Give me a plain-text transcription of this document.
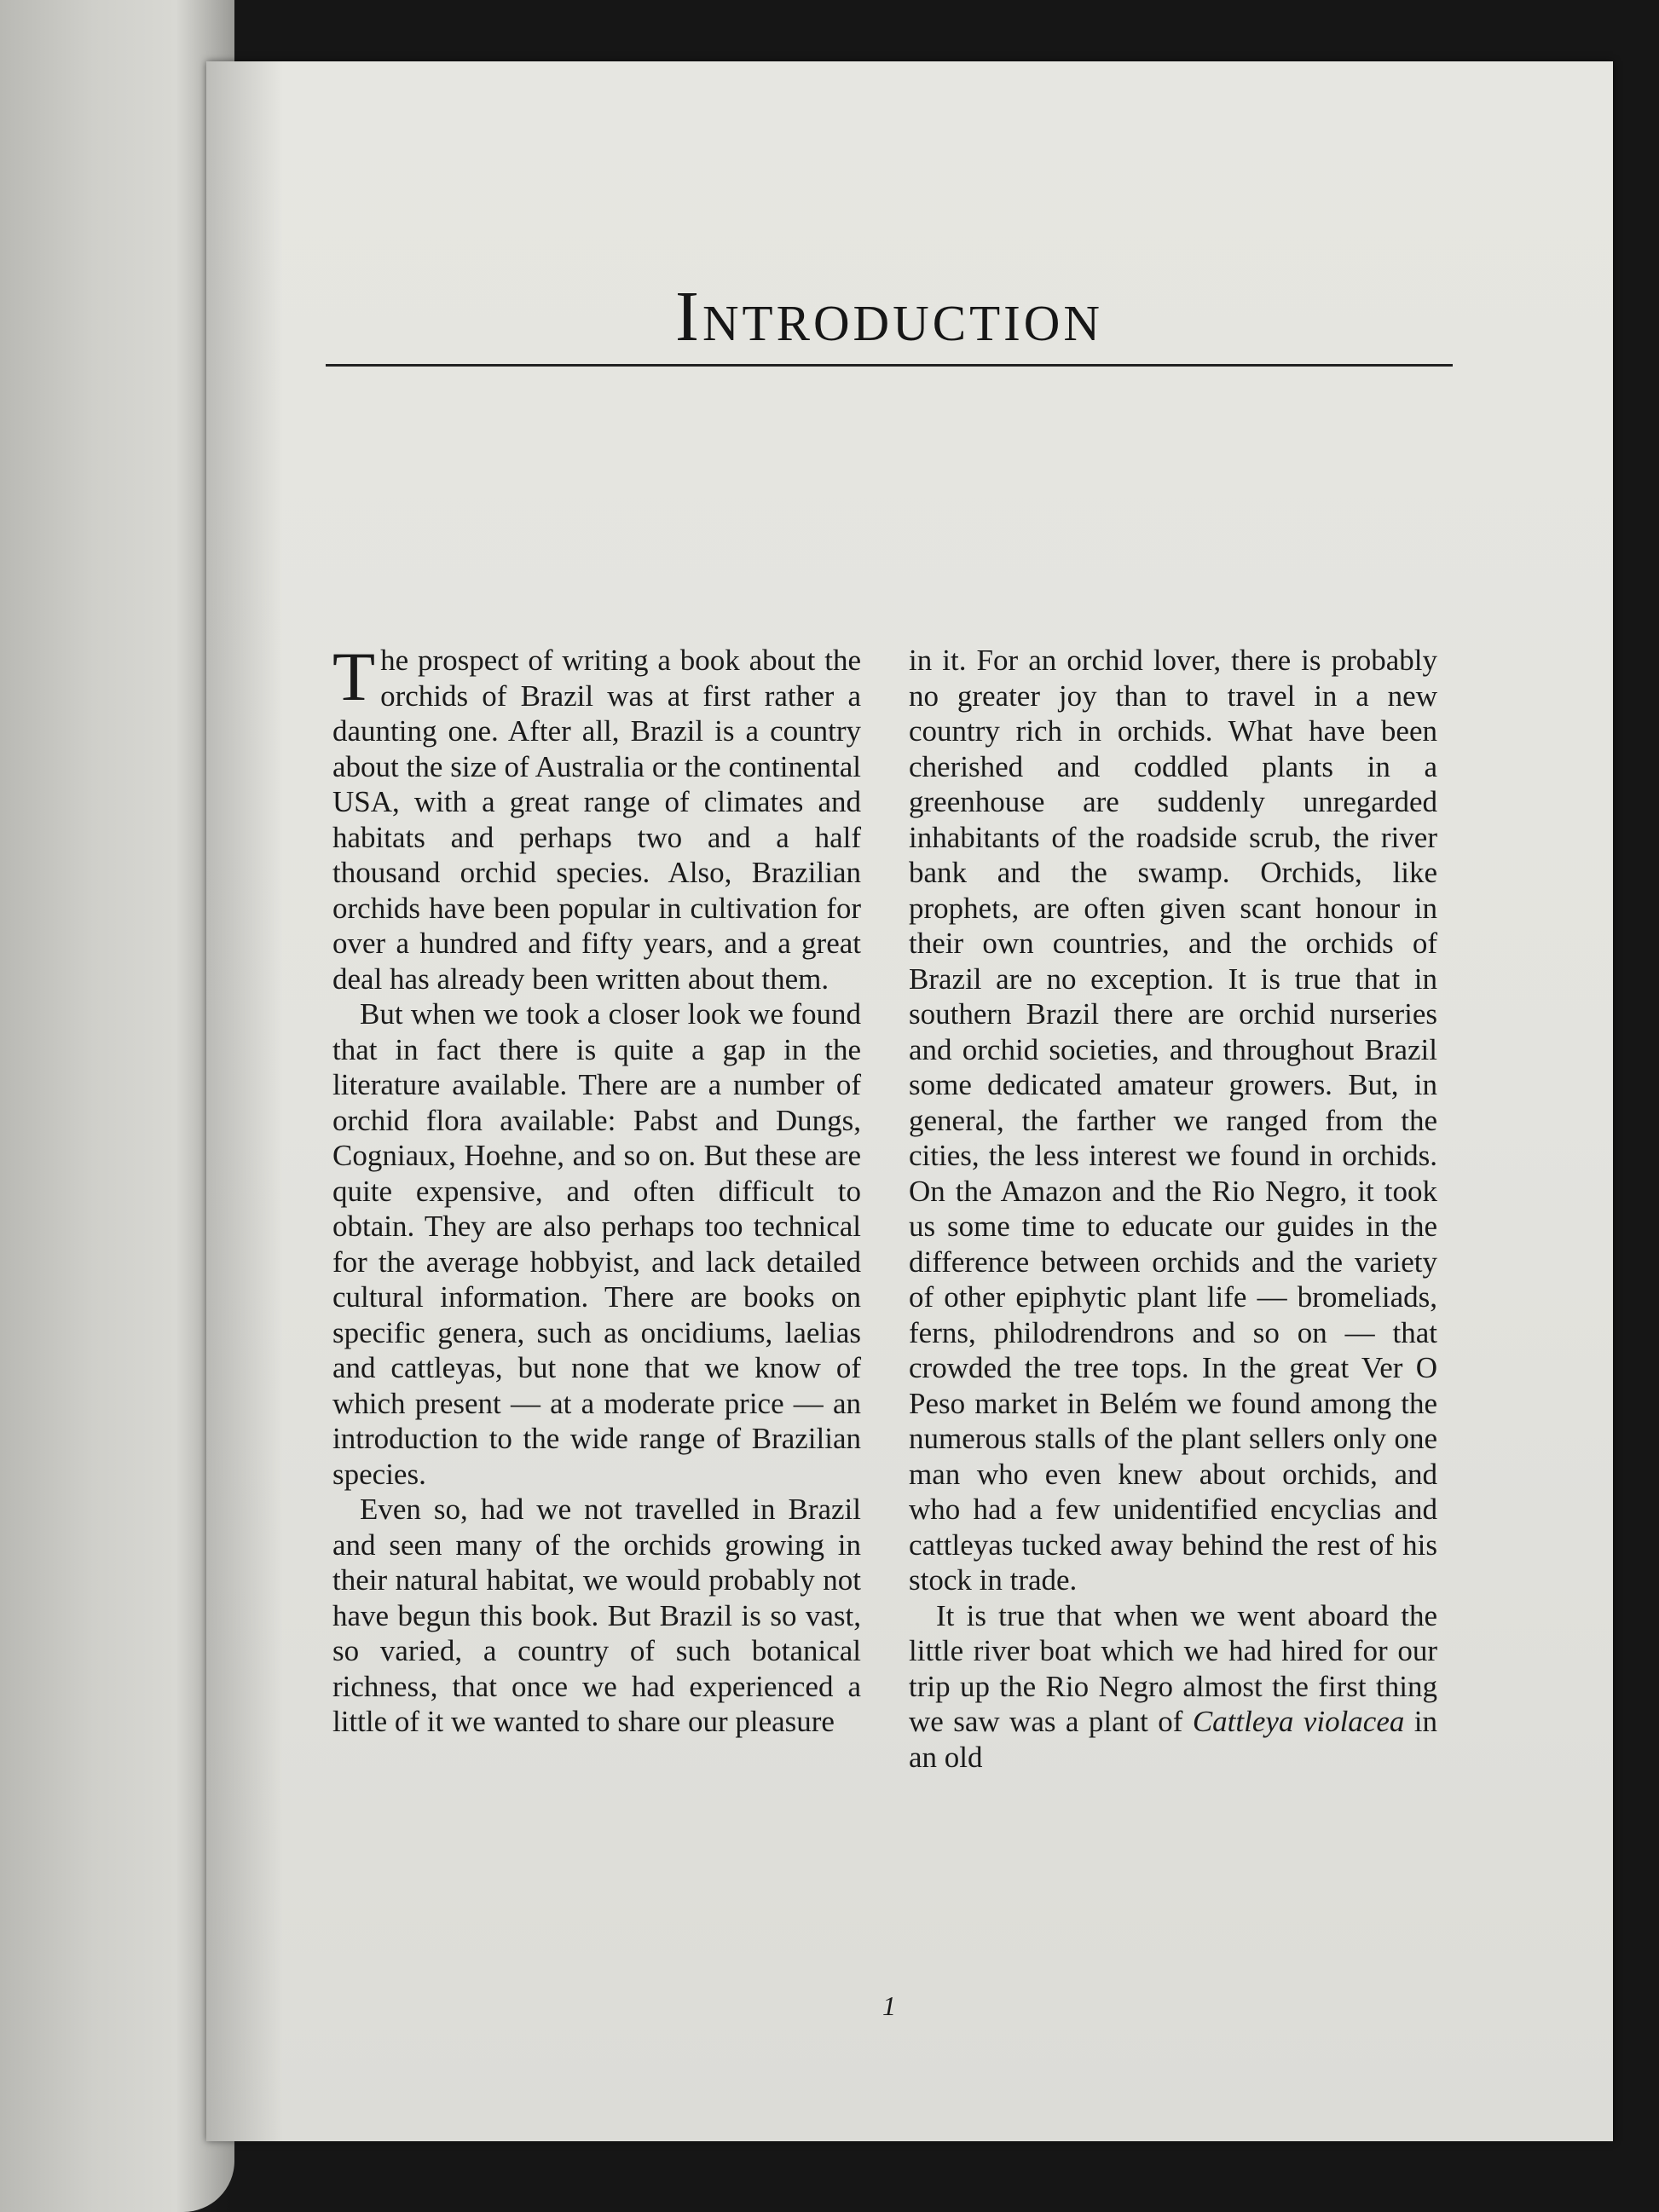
Introduction

The prospect of writing a book about the orchids of Brazil was at first rather a daunting one. After all, Brazil is a country about the size of Australia or the continental USA, with a great range of climates and habitats and perhaps two and a half thousand orchid species. Also, Brazilian orchids have been popular in cultivation for over a hundred and fifty years, and a great deal has already been written about them.

But when we took a closer look we found that in fact there is quite a gap in the literature available. There are a number of orchid flora available: Pabst and Dungs, Cogniaux, Hoehne, and so on. But these are quite expensive, and often difficult to obtain. They are also perhaps too technical for the average hobbyist, and lack detailed cultural information. There are books on specific genera, such as oncidiums, laelias and cattleyas, but none that we know of which present — at a moderate price — an introduction to the wide range of Brazilian species.

Even so, had we not travelled in Brazil and seen many of the orchids growing in their natural habitat, we would probably not have begun this book. But Brazil is so vast, so varied, a country of such botanical richness, that once we had experienced a little of it we wanted to share our pleasure

in it. For an orchid lover, there is probably no greater joy than to travel in a new country rich in orchids. What have been cherished and coddled plants in a greenhouse are suddenly unregarded inhabitants of the roadside scrub, the river bank and the swamp. Orchids, like prophets, are often given scant honour in their own countries, and the orchids of Brazil are no exception. It is true that in southern Brazil there are orchid nurseries and orchid societies, and throughout Brazil some dedicated amateur growers. But, in general, the farther we ranged from the cities, the less interest we found in orchids. On the Amazon and the Rio Negro, it took us some time to educate our guides in the difference between orchids and the variety of other epiphytic plant life — bromeliads, ferns, philodrendrons and so on — that crowded the tree tops. In the great Ver O Peso market in Belém we found among the numerous stalls of the plant sellers only one man who even knew about orchids, and who had a few unidentified encyclias and cattleyas tucked away behind the rest of his stock in trade.

It is true that when we went aboard the little river boat which we had hired for our trip up the Rio Negro almost the first thing we saw was a plant of Cattleya violacea in an old

1
